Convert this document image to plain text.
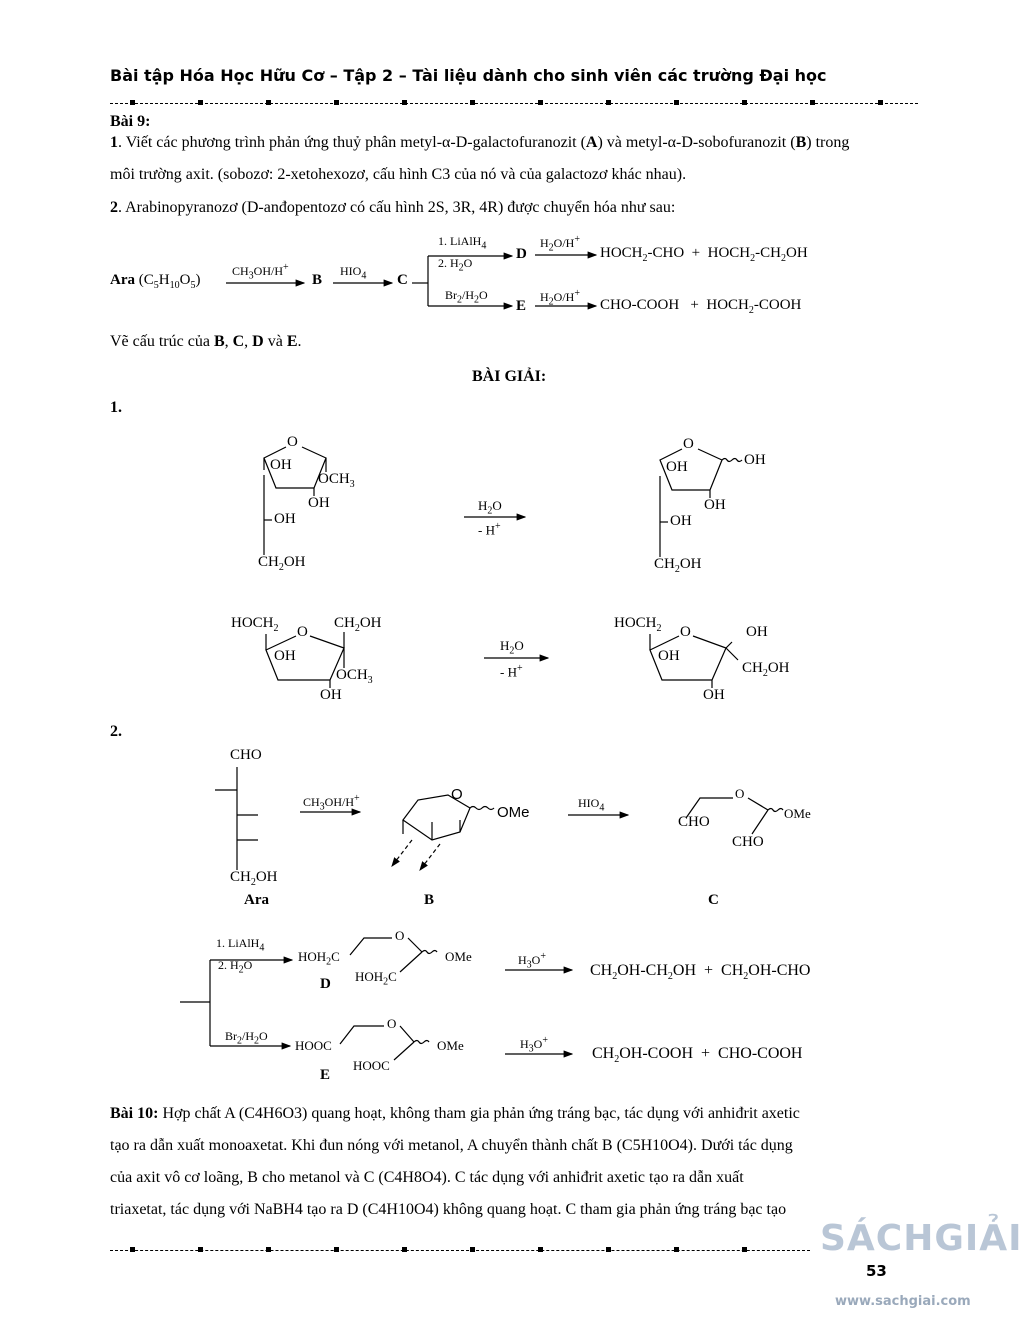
Bài tập Hóa Học Hữu Cơ – Tập 2 – Tài liệu dành cho sinh viên các trường Đại học
Bài 9:
1. Viết các phương trình phản ứng thuỷ phân metyl-α-D-galactofuranozit (A) và metyl-α-D-sobofuranozit (B) trong
môi trường axit. (sobozơ: 2-xetohexozơ, cấu hình C3 của nó và của galactozơ khác nhau).
2. Arabinopyranozơ (D-anđopentozơ có cấu hình 2S, 3R, 4R) được chuyển hóa như sau:
Ara $(C_5H_{10}O_5)$
$CH_3OH/H^+$
B
$HIO_4$ C
1. LiAlH$_4$
2. $H_2O$
D
$H_2O/H^+$
$HOCH_2$-CHO  +  $HOCH_2-CH_2OH$
$Br_2/H_2O$
E
$H_2O/H^+$
CHO-COOH   +  $HOCH_2$-COOH
Vẽ cấu trúc của B, C, D và E.
BÀI GIẢI:
1.
O
OH
$OCH_3$
OH
OH
$CH_2OH$
$H_2O$
- H+
O
OH	OH
OH
OH
$CH_2OH$
$HOCH_2$ O
$CH_2OH$
OH
$OCH_3$
OH
$H_2O$
- H+
$HOCH_2$ O	OH
OH
$CH_2OH$
OH
2.
CHO
$CH_2OH$
Ara
$CH_3OH/H^+$	O
OMe
B
$HIO_4$
O
OMe
CHO
CHO
C
1. LiAlH$_4$
2. $H_2O$
$HOH_2C$
O
OMe
$HOH_2C$
D
$H_3O^+$
$CH_2OH-CH_2OH + CH_2OH-CHO$
$Br_2/H_2O$
HOOC
O
OMe
HOOC
E
$H_3O^+$
$CH_2OH$-COOH  +  CHO-COOH
Bài 10: Hợp chất A (C4H6O3) quang hoạt, không tham gia phản ứng tráng bạc, tác dụng với anhiđrit axetic
tạo ra dẫn xuất monoaxetat. Khi đun nóng với metanol, A chuyển thành chất B (C5H10O4). Dưới tác dụng
của axit vô cơ loãng, B cho metanol và C (C4H8O4). C tác dụng với anhiđrit axetic tạo ra dẫn xuất
triaxetat, tác dụng với NaBH4 tạo ra D (C4H10O4) không quang hoạt. C tham gia phản ứng tráng bạc tạo
SÁCHGIẢI
53
www.sachgiai.com
